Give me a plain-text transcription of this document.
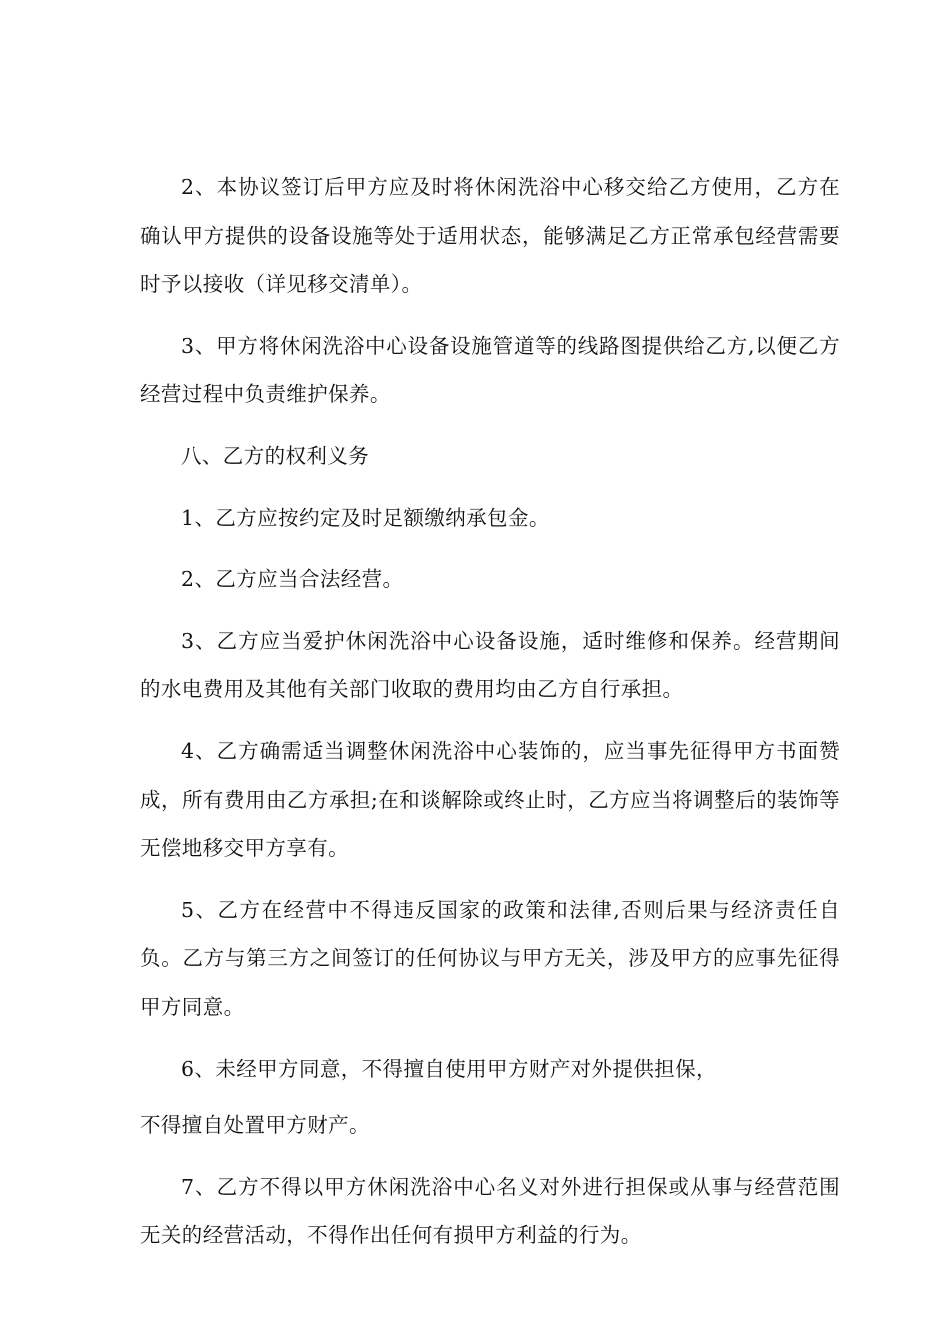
2、本协议签订后甲方应及时将休闲洗浴中心移交给乙方使用，乙方在确认甲方提供的设备设施等处于适用状态，能够满足乙方正常承包经营需要时予以接收（详见移交清单）。

3、甲方将休闲洗浴中心设备设施管道等的线路图提供给乙方,以便乙方经营过程中负责维护保养。

八、乙方的权利义务

1、乙方应按约定及时足额缴纳承包金。

2、乙方应当合法经营。

3、乙方应当爱护休闲洗浴中心设备设施，适时维修和保养。经营期间的水电费用及其他有关部门收取的费用均由乙方自行承担。

4、乙方确需适当调整休闲洗浴中心装饰的，应当事先征得甲方书面赞成，所有费用由乙方承担;在和谈解除或终止时，乙方应当将调整后的装饰等无偿地移交甲方享有。

5、乙方在经营中不得违反国家的政策和法律,否则后果与经济责任自负。乙方与第三方之间签订的任何协议与甲方无关，涉及甲方的应事先征得甲方同意。

6、未经甲方同意，不得擅自使用甲方财产对外提供担保，

不得擅自处置甲方财产。

7、乙方不得以甲方休闲洗浴中心名义对外进行担保或从事与经营范围无关的经营活动，不得作出任何有损甲方利益的行为。
